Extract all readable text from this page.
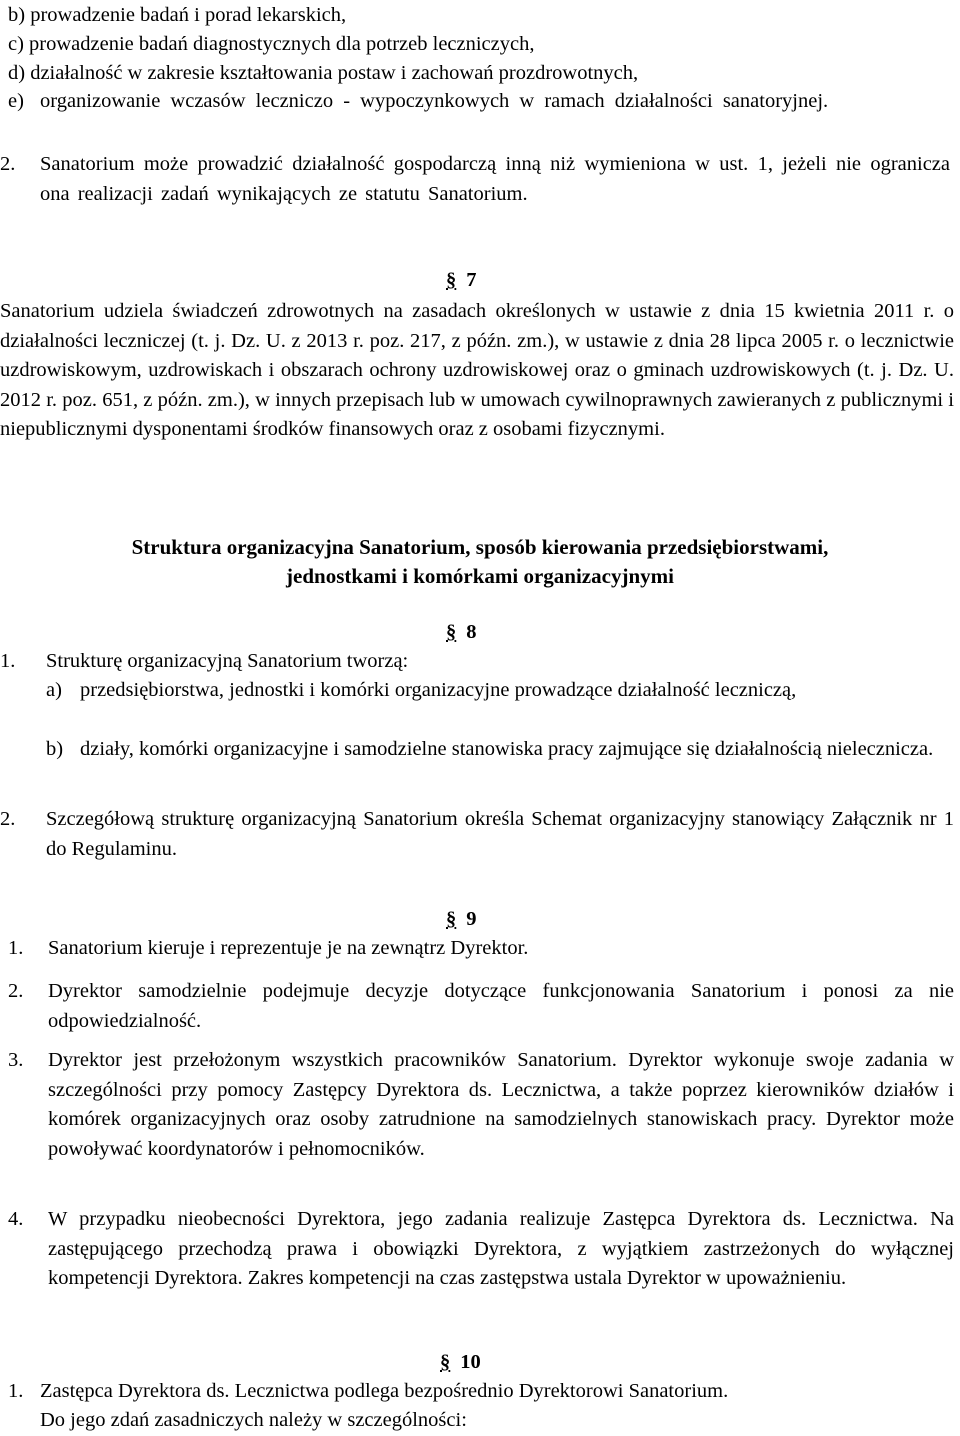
b) prowadzenie badań i porad lekarskich,
c) prowadzenie badań diagnostycznych dla potrzeb leczniczych,
d) działalność w zakresie kształtowania postaw i zachowań prozdrowotnych,
e) organizowanie wczasów leczniczo - wypoczynkowych w ramach działalności sanatoryjnej.
2. Sanatorium może prowadzić działalność gospodarczą inną niż wymieniona w ust. 1, jeżeli nie ogranicza ona realizacji zadań wynikających ze statutu Sanatorium.
§ 7
Sanatorium udziela świadczeń zdrowotnych na zasadach określonych w ustawie z dnia 15 kwietnia 2011 r. o działalności leczniczej (t. j. Dz. U. z 2013 r. poz. 217, z późn. zm.), w ustawie z dnia 28 lipca 2005 r. o lecznictwie uzdrowiskowym, uzdrowiskach i obszarach ochrony uzdrowiskowej oraz o gminach uzdrowiskowych (t. j. Dz. U. 2012 r. poz. 651, z późn. zm.), w innych przepisach lub w umowach cywilnoprawnych zawieranych z publicznymi i niepublicznymi dysponentami środków finansowych oraz z osobami fizycznymi.
Struktura organizacyjna Sanatorium, sposób kierowania przedsiębiorstwami,
jednostkami i komórkami organizacyjnymi
§ 8
1. Strukturę organizacyjną Sanatorium tworzą:
a) przedsiębiorstwa, jednostki i komórki organizacyjne prowadzące działalność leczniczą,
b) działy, komórki organizacyjne i samodzielne stanowiska pracy zajmujące się działalnością nielecznicza.
2. Szczegółową strukturę organizacyjną Sanatorium określa Schemat organizacyjny stanowiący Załącznik nr 1 do Regulaminu.
§ 9
1. Sanatorium kieruje i reprezentuje je na zewnątrz Dyrektor.
2. Dyrektor samodzielnie podejmuje decyzje dotyczące funkcjonowania Sanatorium i ponosi za nie odpowiedzialność.
3. Dyrektor jest przełożonym wszystkich pracowników Sanatorium. Dyrektor wykonuje swoje zadania w szczególności przy pomocy Zastępcy Dyrektora ds. Lecznictwa, a także poprzez kierowników działów i komórek organizacyjnych oraz osoby zatrudnione na samodzielnych stanowiskach pracy. Dyrektor może powoływać koordynatorów i pełnomocników.
4. W przypadku nieobecności Dyrektora, jego zadania realizuje Zastępca Dyrektora ds. Lecznictwa. Na zastępującego przechodzą prawa i obowiązki Dyrektora, z wyjątkiem zastrzeżonych do wyłącznej kompetencji Dyrektora. Zakres kompetencji na czas zastępstwa ustala Dyrektor w upoważnieniu.
§ 10
1. Zastępca Dyrektora ds. Lecznictwa podlega bezpośrednio Dyrektorowi Sanatorium.
Do jego zdań zasadniczych należy w szczególności:
